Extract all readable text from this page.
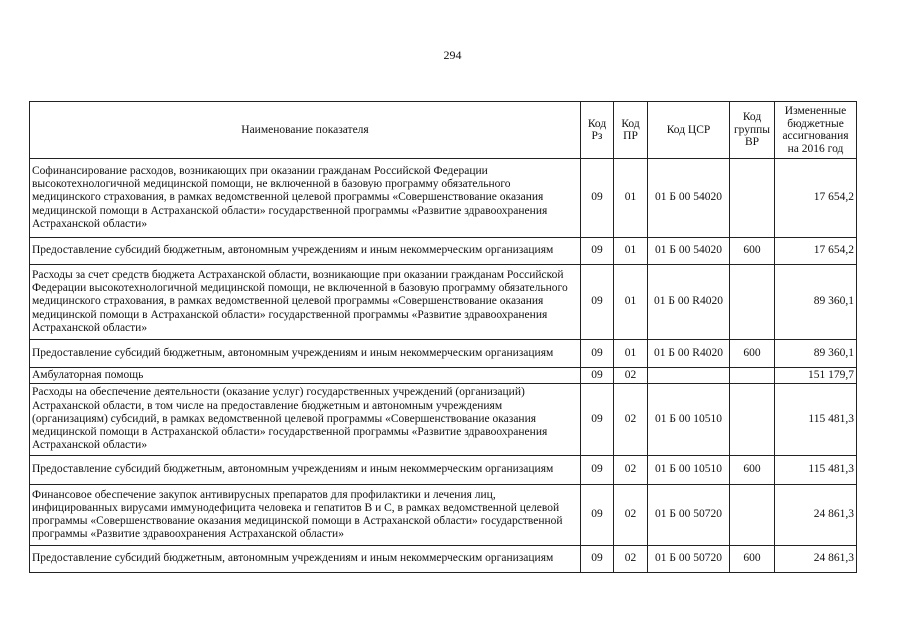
294
Наименование показателя	Код Рз	Код ПР	Код ЦСР	Код группы ВР	Измененные бюджетные ассигнования на 2016 год
Софинансирование расходов, возникающих при оказании гражданам Российской Федерации высокотехнологичной медицинской помощи, не включенной в базовую программу обязательного медицинского страхования, в рамках ведомственной целевой программы «Совершенствование оказания медицинской помощи в Астраханской области» государственной программы «Развитие здравоохранения Астраханской области»	09	01	01 Б 00 54020		17 654,2
Предоставление субсидий бюджетным, автономным учреждениям и иным некоммерческим организациям	09	01	01 Б 00 54020	600	17 654,2
Расходы за счет средств бюджета Астраханской области, возникающие при оказании гражданам Российской Федерации высокотехнологичной медицинской помощи, не включенной в базовую программу обязательного медицинского страхования, в рамках ведомственной целевой программы «Совершенствование оказания медицинской помощи в Астраханской области» государственной программы «Развитие здравоохранения Астраханской области»	09	01	01 Б 00 R4020		89 360,1
Предоставление субсидий бюджетным, автономным учреждениям и иным некоммерческим организациям	09	01	01 Б 00 R4020	600	89 360,1
Амбулаторная помощь	09	02			151 179,7
Расходы на обеспечение деятельности (оказание услуг) государственных учреждений (организаций) Астраханской области, в том числе на предоставление бюджетным и автономным учреждениям (организациям) субсидий, в рамках ведомственной целевой программы «Совершенствование оказания медицинской помощи в Астраханской области» государственной программы «Развитие здравоохранения Астраханской области»	09	02	01 Б 00 10510		115 481,3
Предоставление субсидий бюджетным, автономным учреждениям и иным некоммерческим организациям	09	02	01 Б 00 10510	600	115 481,3
Финансовое обеспечение закупок антивирусных препаратов для профилактики и лечения лиц, инфицированных вирусами иммунодефицита человека и гепатитов В и С, в рамках ведомственной целевой программы «Совершенствование оказания медицинской помощи в Астраханской области» государственной программы «Развитие здравоохранения Астраханской области»	09	02	01 Б 00 50720		24 861,3
Предоставление субсидий бюджетным, автономным учреждениям и иным некоммерческим организациям	09	02	01 Б 00 50720	600	24 861,3
